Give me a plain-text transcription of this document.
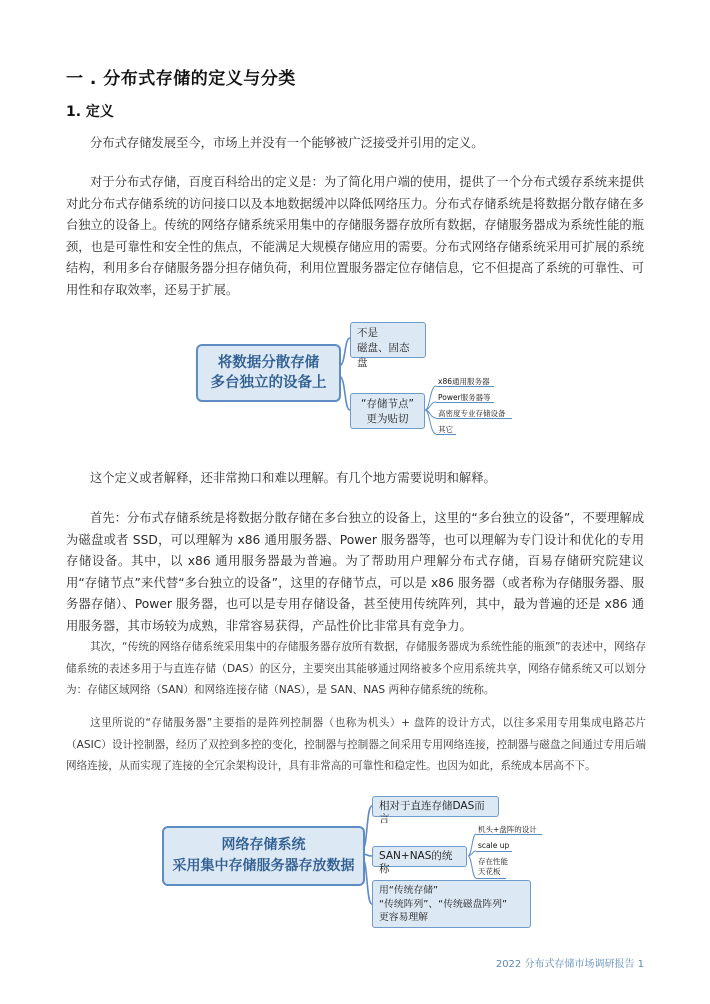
一 . 分布式存储的定义与分类
1. 定义
分布式存储发展至今，市场上并没有一个能够被广泛接受并引用的定义。
对于分布式存储，百度百科给出的定义是：为了简化用户端的使用，提供了一个分布式缓存系统来提供对此分布式存储系统的访问接口以及本地数据缓冲以降低网络压力。分布式存储系统是将数据分散存储在多台独立的设备上。传统的网络存储系统采用集中的存储服务器存放所有数据，存储服务器成为系统性能的瓶颈，也是可靠性和安全性的焦点，不能满足大规模存储应用的需要。分布式网络存储系统采用可扩展的系统结构，利用多台存储服务器分担存储负荷，利用位置服务器定位存储信息，它不但提高了系统的可靠性、可用性和存取效率，还易于扩展。
将数据分散存储
多台独立的设备上
不是
磁盘、固态盘
“存储节点”
更为贴切
x86通用服务器
Power服务器等
高密度专业存储设备
其它
这个定义或者解释，还非常拗口和难以理解。有几个地方需要说明和解释。
首先：分布式存储系统是将数据分散存储在多台独立的设备上，这里的“多台独立的设备”，不要理解成为磁盘或者 SSD，可以理解为 x86 通用服务器、Power 服务器等，也可以理解为专门设计和优化的专用存储设备。其中，以 x86 通用服务器最为普遍。为了帮助用户理解分布式存储，百易存储研究院建议用“存储节点”来代替“多台独立的设备”，这里的存储节点，可以是 x86 服务器（或者称为存储服务器、服务器存储）、Power 服务器，也可以是专用存储设备，甚至使用传统阵列，其中，最为普遍的还是 x86 通用服务器，其市场较为成熟，非常容易获得，产品性价比非常具有竞争力。
其次，“传统的网络存储系统采用集中的存储服务器存放所有数据，存储服务器成为系统性能的瓶颈”的表述中，网络存储系统的表述多用于与直连存储（DAS）的区分，主要突出其能够通过网络被多个应用系统共享，网络存储系统又可以划分为：存储区域网络（SAN）和网络连接存储（NAS），是 SAN、NAS 两种存储系统的统称。
这里所说的“存储服务器”主要指的是阵列控制器（也称为机头）+ 盘阵的设计方式，以往多采用专用集成电路芯片（ASIC）设计控制器，经历了双控到多控的变化，控制器与控制器之间采用专用网络连接，控制器与磁盘之间通过专用后端网络连接，从而实现了连接的全冗余架构设计，具有非常高的可靠性和稳定性。也因为如此，系统成本居高不下。
网络存储系统
采用集中存储服务器存放数据
相对于直连存储DAS而言
SAN+NAS的统称
用“传统存储”
“传统阵列”、“传统磁盘阵列”
更容易理解
机头+盘阵的设计
scale up
存在性能
天花板
2022 分布式存储市场调研报告 1
